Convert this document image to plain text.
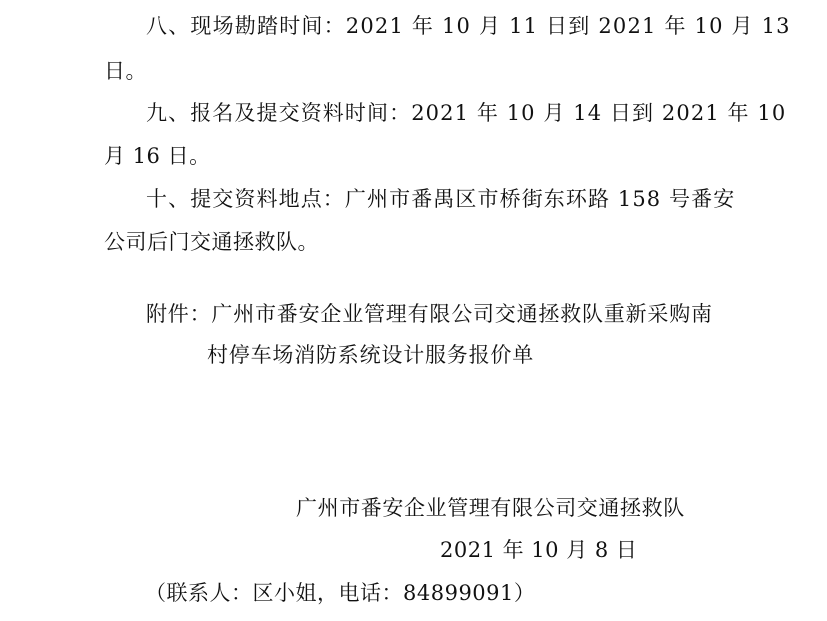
八、现场勘踏时间：2021 年 10 月 11 日到 2021 年 10 月 13
日。
九、报名及提交资料时间：2021 年 10 月 14 日到 2021 年 10
月 16 日。
十、提交资料地点：广州市番禺区市桥街东环路 158 号番安
公司后门交通拯救队。
附件：广州市番安企业管理有限公司交通拯救队重新采购南
村停车场消防系统设计服务报价单
广州市番安企业管理有限公司交通拯救队
2021 年 10 月 8 日
（联系人：区小姐，电话：84899091）
